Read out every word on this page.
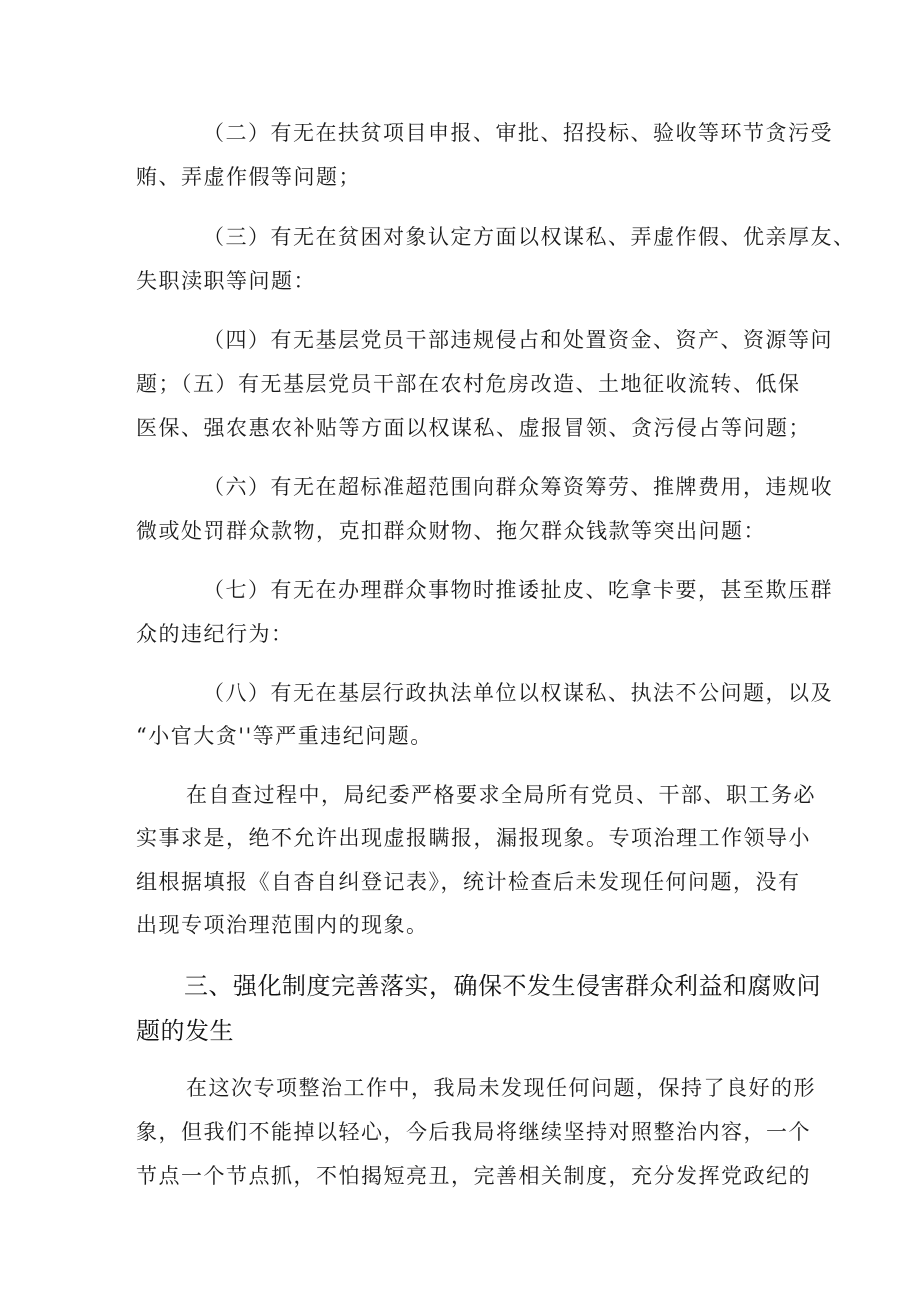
（二）有无在扶贫项目申报、审批、招投标、验收等环节贪污受

贿、弄虚作假等问题；

（三）有无在贫困对象认定方面以权谋私、弄虚作假、优亲厚友、

失职渎职等问题：

（四）有无基层党员干部违规侵占和处置资金、资产、资源等问

题；（五）有无基层党员干部在农村危房改造、土地征收流转、低保

医保、强农惠农补贴等方面以权谋私、虚报冒领、贪污侵占等问题；

（六）有无在超标准超范围向群众筹资筹劳、推牌费用，违规收

微或处罚群众款物，克扣群众财物、拖欠群众钱款等突出问题：

（七）有无在办理群众事物时推诿扯皮、吃拿卡要，甚至欺压群

众的违纪行为：

（八）有无在基层行政执法单位以权谋私、执法不公问题，以及

“小官大贪''等严重违纪问题。

在自查过程中，局纪委严格要求全局所有党员、干部、职工务必

实事求是，绝不允许出现虚报瞒报，漏报现象。专项治理工作领导小

组根据填报《自杳自纠登记表》，统计检查后未发现任何问题，没有

出现专项治理范围内的现象。

三、强化制度完善落实，确保不发生侵害群众利益和腐败问

题的发生

在这次专项整治工作中，我局未发现任何问题，保持了良好的形

象，但我们不能掉以轻心，今后我局将继续坚持对照整治内容，一个

节点一个节点抓，不怕揭短亮丑，完善相关制度，充分发挥党政纪的
